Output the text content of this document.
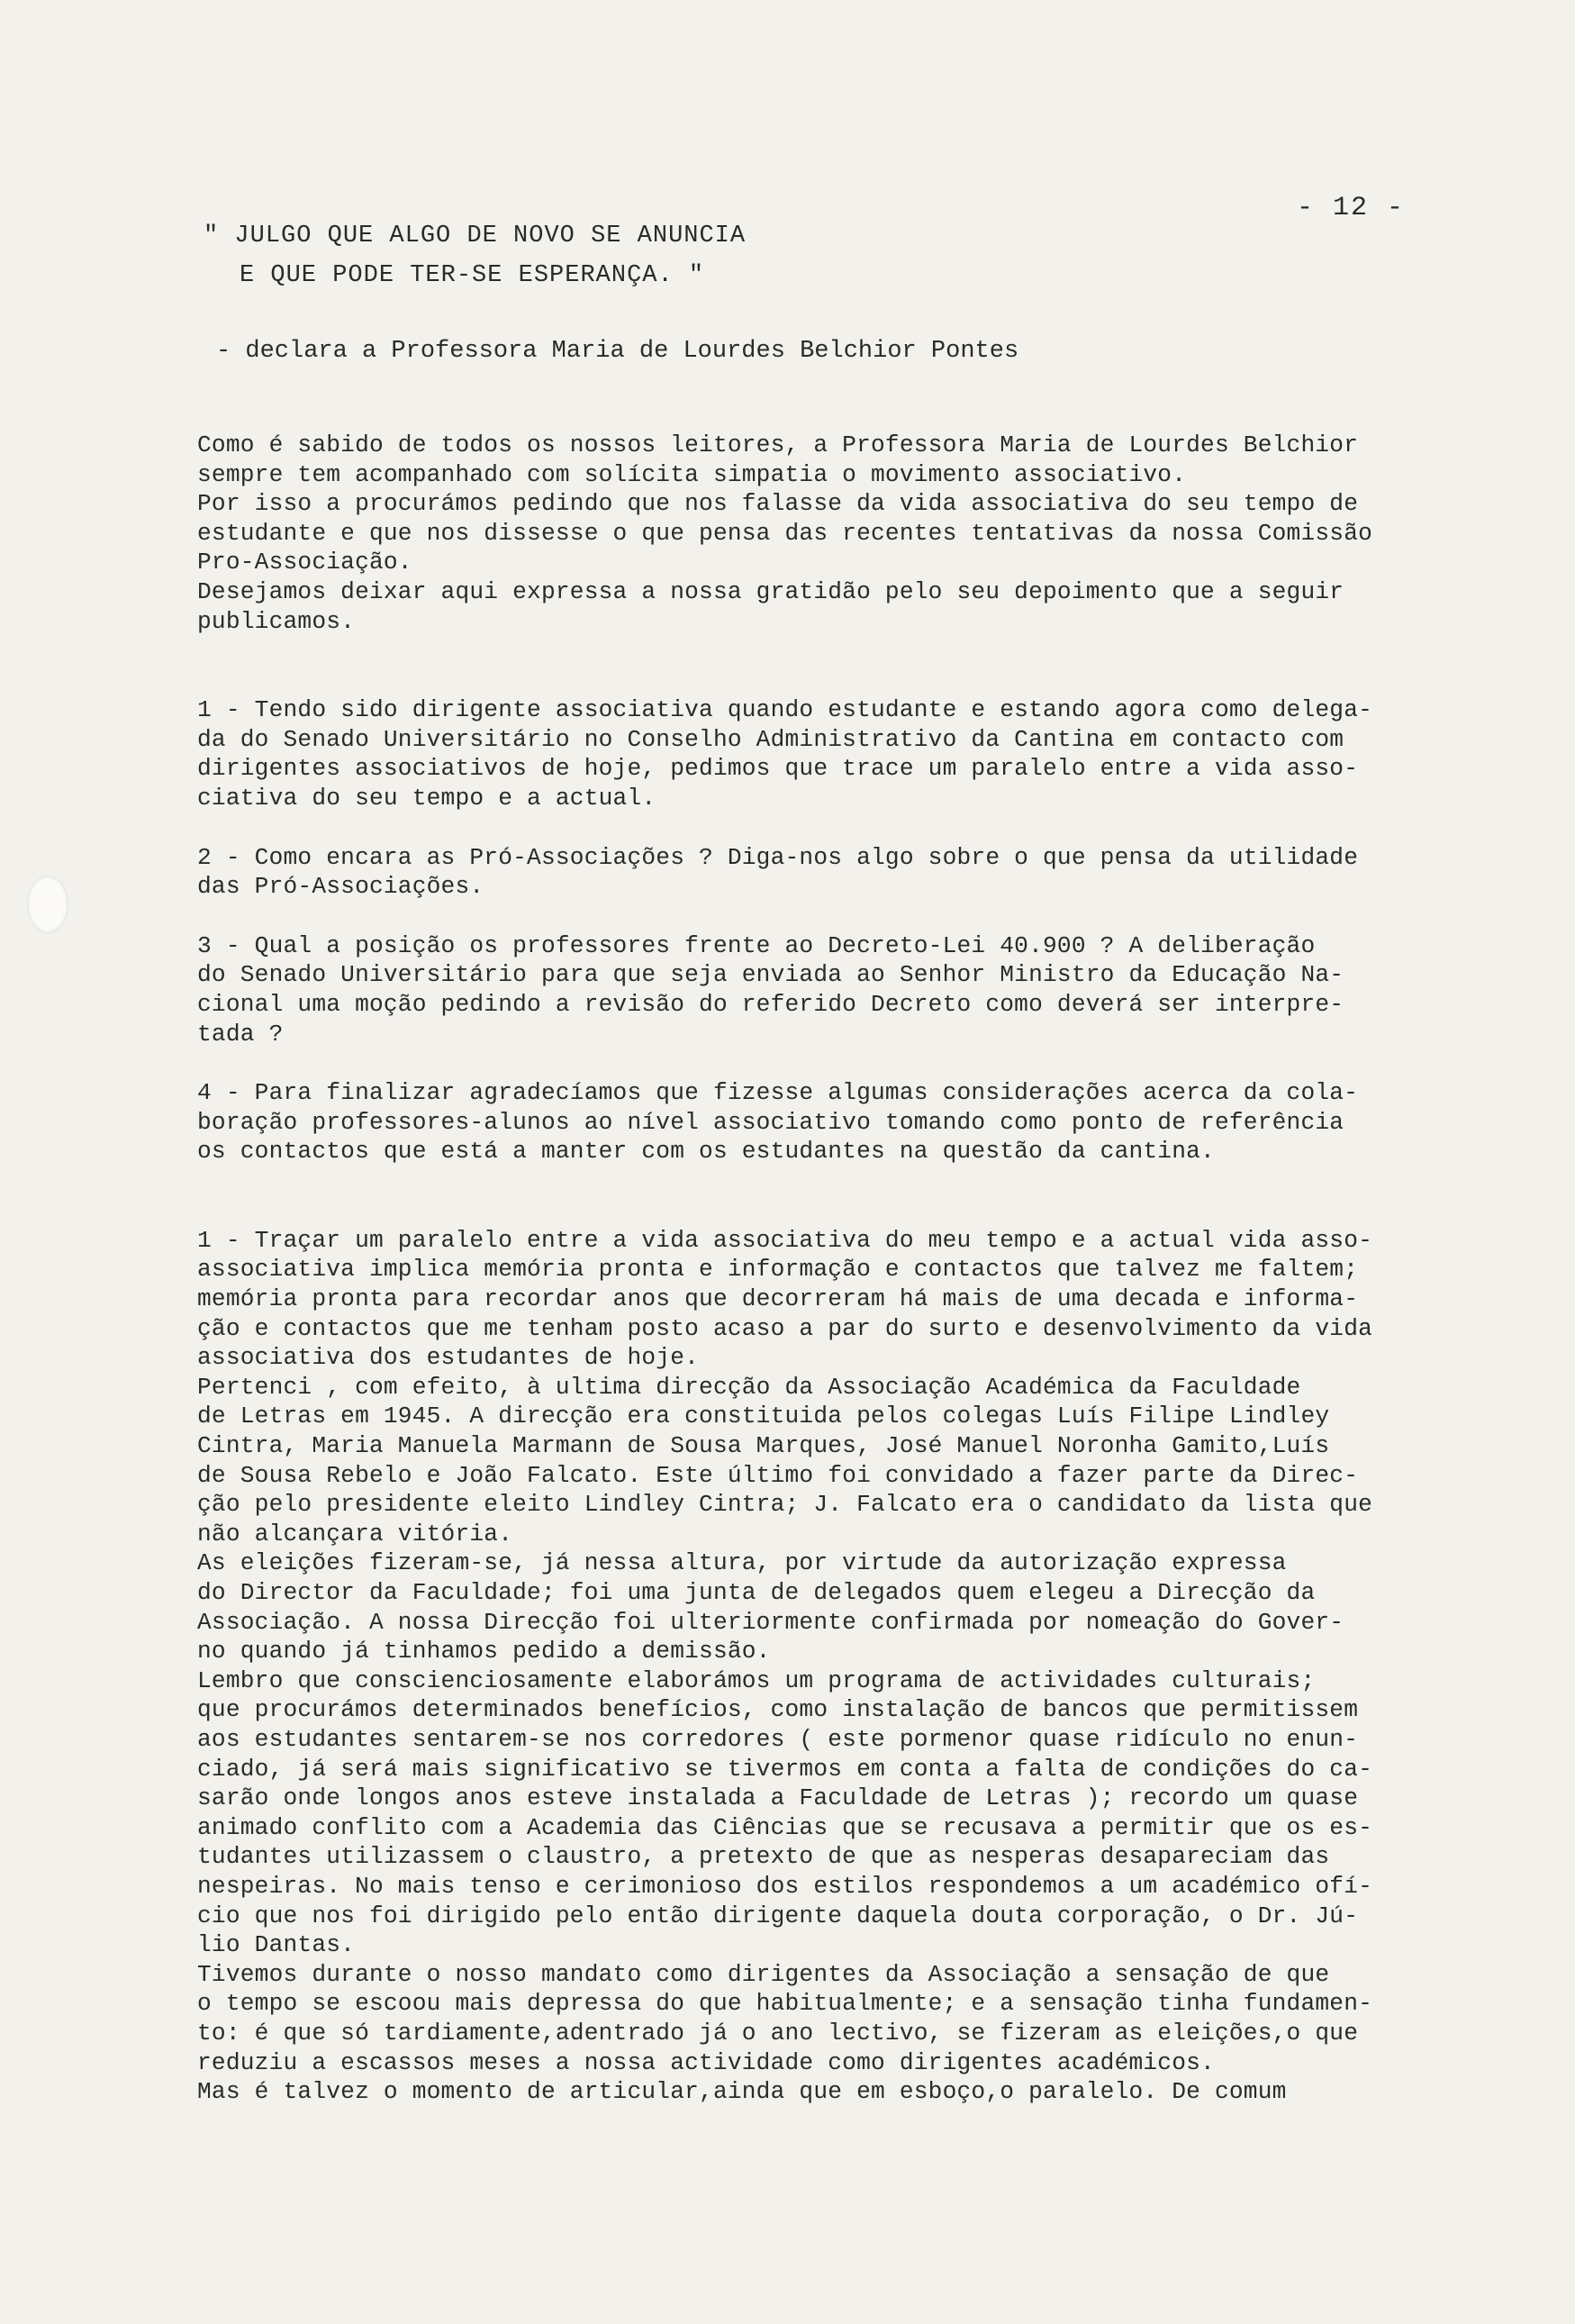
- 12 -
" JULGO QUE ALGO DE NOVO SE ANUNCIA
E QUE PODE TER-SE ESPERANÇA. "
- declara a Professora Maria de Lourdes Belchior Pontes

Como é sabido de todos os nossos leitores, a Professora Maria de Lourdes Belchior
sempre tem acompanhado com solícita simpatia o movimento associativo.
Por isso a procurámos pedindo que nos falasse da vida associativa do seu tempo de
estudante e que nos dissesse o que pensa das recentes tentativas da nossa Comissão
Pro-Associação.
Desejamos deixar aqui expressa a nossa gratidão pelo seu depoimento que a seguir
publicamos.

1 - Tendo sido dirigente associativa quando estudante e estando agora como delega-
da do Senado Universitário no Conselho Administrativo da Cantina em contacto com
dirigentes associativos de hoje, pedimos que trace um paralelo entre a vida asso-
ciativa do seu tempo e a actual.

2 - Como encara as Pró-Associações ? Diga-nos algo sobre o que pensa da utilidade
das Pró-Associações.

3 - Qual a posição os professores frente ao Decreto-Lei 40.900 ? A deliberação
do Senado Universitário para que seja enviada ao Senhor Ministro da Educação Na-
cional uma moção pedindo a revisão do referido Decreto como deverá ser interpre-
tada ?

4 - Para finalizar agradecíamos que fizesse algumas considerações acerca da cola-
boração professores-alunos ao nível associativo tomando como ponto de referência
os contactos que está a manter com os estudantes na questão da cantina.

1 - Traçar um paralelo entre a vida associativa do meu tempo e a actual vida asso-
associativa implica memória pronta e informação e contactos que talvez me faltem;
memória pronta para recordar anos que decorreram há mais de uma decada e informa-
ção e contactos que me tenham posto acaso a par do surto e desenvolvimento da vida
associativa dos estudantes de hoje.

Pertenci , com efeito, à ultima direcção da Associação Académica da Faculdade
de Letras em 1945. A direcção era constituida pelos colegas Luís Filipe Lindley
Cintra, Maria Manuela Marmann de Sousa Marques, José Manuel Noronha Gamito,Luís
de Sousa Rebelo e João Falcato. Este último foi convidado a fazer parte da Direc-
ção pelo presidente eleito Lindley Cintra; J. Falcato era o candidato da lista que
não alcançara vitória.

As eleições fizeram-se, já nessa altura, por virtude da autorização expressa
do Director da Faculdade; foi uma junta de delegados quem elegeu a Direcção da
Associação. A nossa Direcção foi ulteriormente confirmada por nomeação do Gover-
no quando já tinhamos pedido a demissão.

Lembro que conscienciosamente elaborámos um programa de actividades culturais;
que procurámos determinados benefícios, como instalação de bancos que permitissem
aos estudantes sentarem-se nos corredores ( este pormenor quase ridículo no enun-
ciado, já será mais significativo se tivermos em conta a falta de condições do ca-
sarão onde longos anos esteve instalada a Faculdade de Letras ); recordo um quase
animado conflito com a Academia das Ciências que se recusava a permitir que os es-
tudantes utilizassem o claustro, a pretexto de que as nesperas desapareciam das
nespeiras. No mais tenso e cerimonioso dos estilos respondemos a um académico ofí-
cio que nos foi dirigido pelo então dirigente daquela douta corporação, o Dr. Jú-
lio Dantas.

Tivemos durante o nosso mandato como dirigentes da Associação a sensação de que
o tempo se escoou mais depressa do que habitualmente; e a sensação tinha fundamen-
to: é que só tardiamente,adentrado já o ano lectivo, se fizeram as eleições,o que
reduziu a escassos meses a nossa actividade como dirigentes académicos.

Mas é talvez o momento de articular,ainda que em esboço,o paralelo. De comum
